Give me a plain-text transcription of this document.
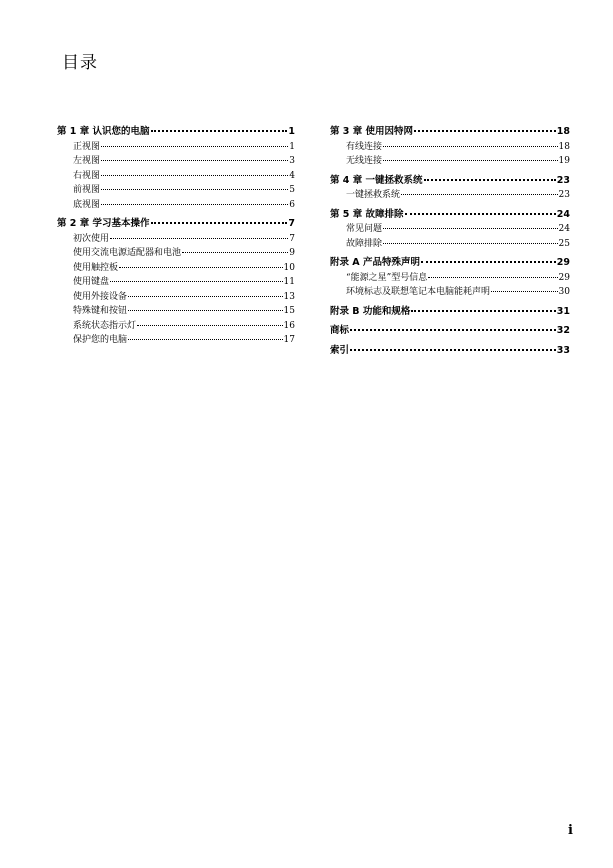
目录
第 1 章 认识您的电脑	1
正视图	1
左视图	3
右视图	4
前视图	5
底视图	6
第 2 章 学习基本操作	7
初次使用	7
使用交流电源适配器和电池	9
使用触控板	10
使用键盘	11
使用外接设备	13
特殊键和按钮	15
系统状态指示灯	16
保护您的电脑	17
第 3 章 使用因特网	18
有线连接	18
无线连接	19
第 4 章 一键拯救系统	23
一键拯救系统	23
第 5 章 故障排除	24
常见问题	24
故障排除	25
附录 A 产品特殊声明	29
“能源之星”型号信息	29
环境标志及联想笔记本电脑能耗声明	30
附录 B 功能和规格	31
商标	32
索引	33
i
